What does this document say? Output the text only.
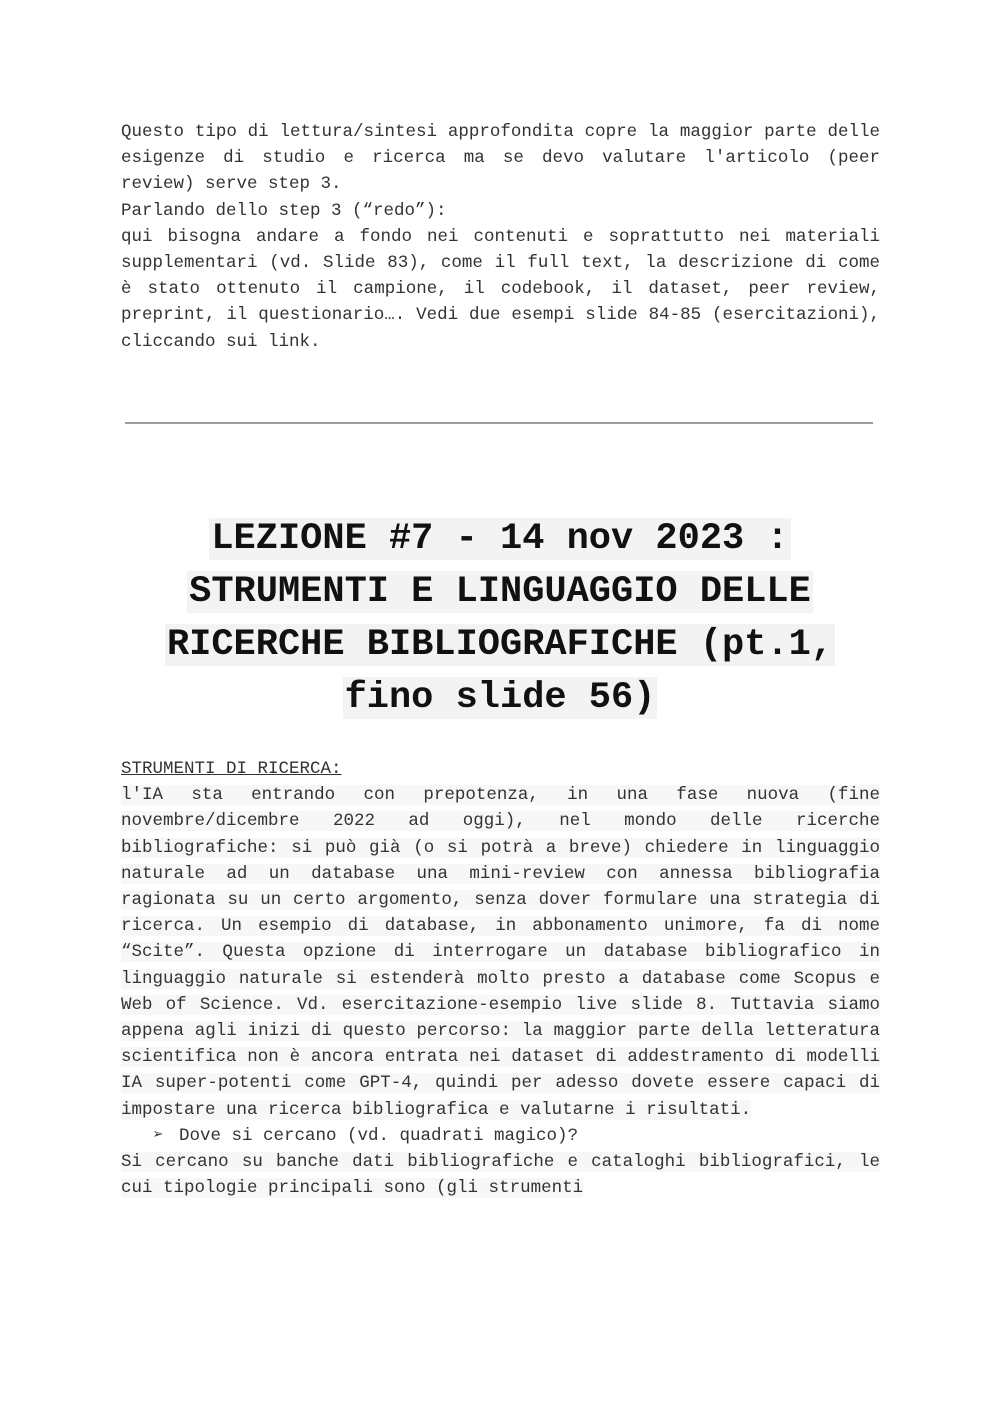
Questo tipo di lettura/sintesi approfondita copre la maggior parte delle esigenze di studio e ricerca ma se devo valutare l'articolo (peer review) serve step 3.

Parlando dello step 3 (“redo”):

qui bisogna andare a fondo nei contenuti e soprattutto nei materiali supplementari (vd. Slide 83), come il full text, la descrizione di come è stato ottenuto il campione, il codebook, il dataset, peer review, preprint, il questionario…. Vedi due esempi slide 84-85 (esercitazioni), cliccando sui link.

LEZIONE #7 - 14 nov 2023 :
STRUMENTI E LINGUAGGIO DELLE
RICERCHE BIBLIOGRAFICHE (pt.1,
fino slide 56)

STRUMENTI DI RICERCA:

l'IA sta entrando con prepotenza, in una fase nuova (fine novembre/dicembre 2022 ad oggi), nel mondo delle ricerche bibliografiche: si può già (o si potrà a breve) chiedere in linguaggio naturale ad un database una mini-review con annessa bibliografia ragionata su un certo argomento, senza dover formulare una strategia di ricerca. Un esempio di database, in abbonamento unimore, fa di nome “Scite”. Questa opzione di interrogare un database bibliografico in linguaggio naturale si estenderà molto presto a database come Scopus e Web of Science. Vd. esercitazione-esempio live slide 8. Tuttavia siamo appena agli inizi di questo percorso: la maggior parte della letteratura scientifica non è ancora entrata nei dataset di addestramento di modelli IA super-potenti come GPT-4, quindi per adesso dovete essere capaci di impostare una ricerca bibliografica e valutarne i risultati.

➢ Dove si cercano (vd. quadrati magico)?

Si cercano su banche dati bibliografiche e cataloghi bibliografici, le cui tipologie principali sono (gli strumenti
